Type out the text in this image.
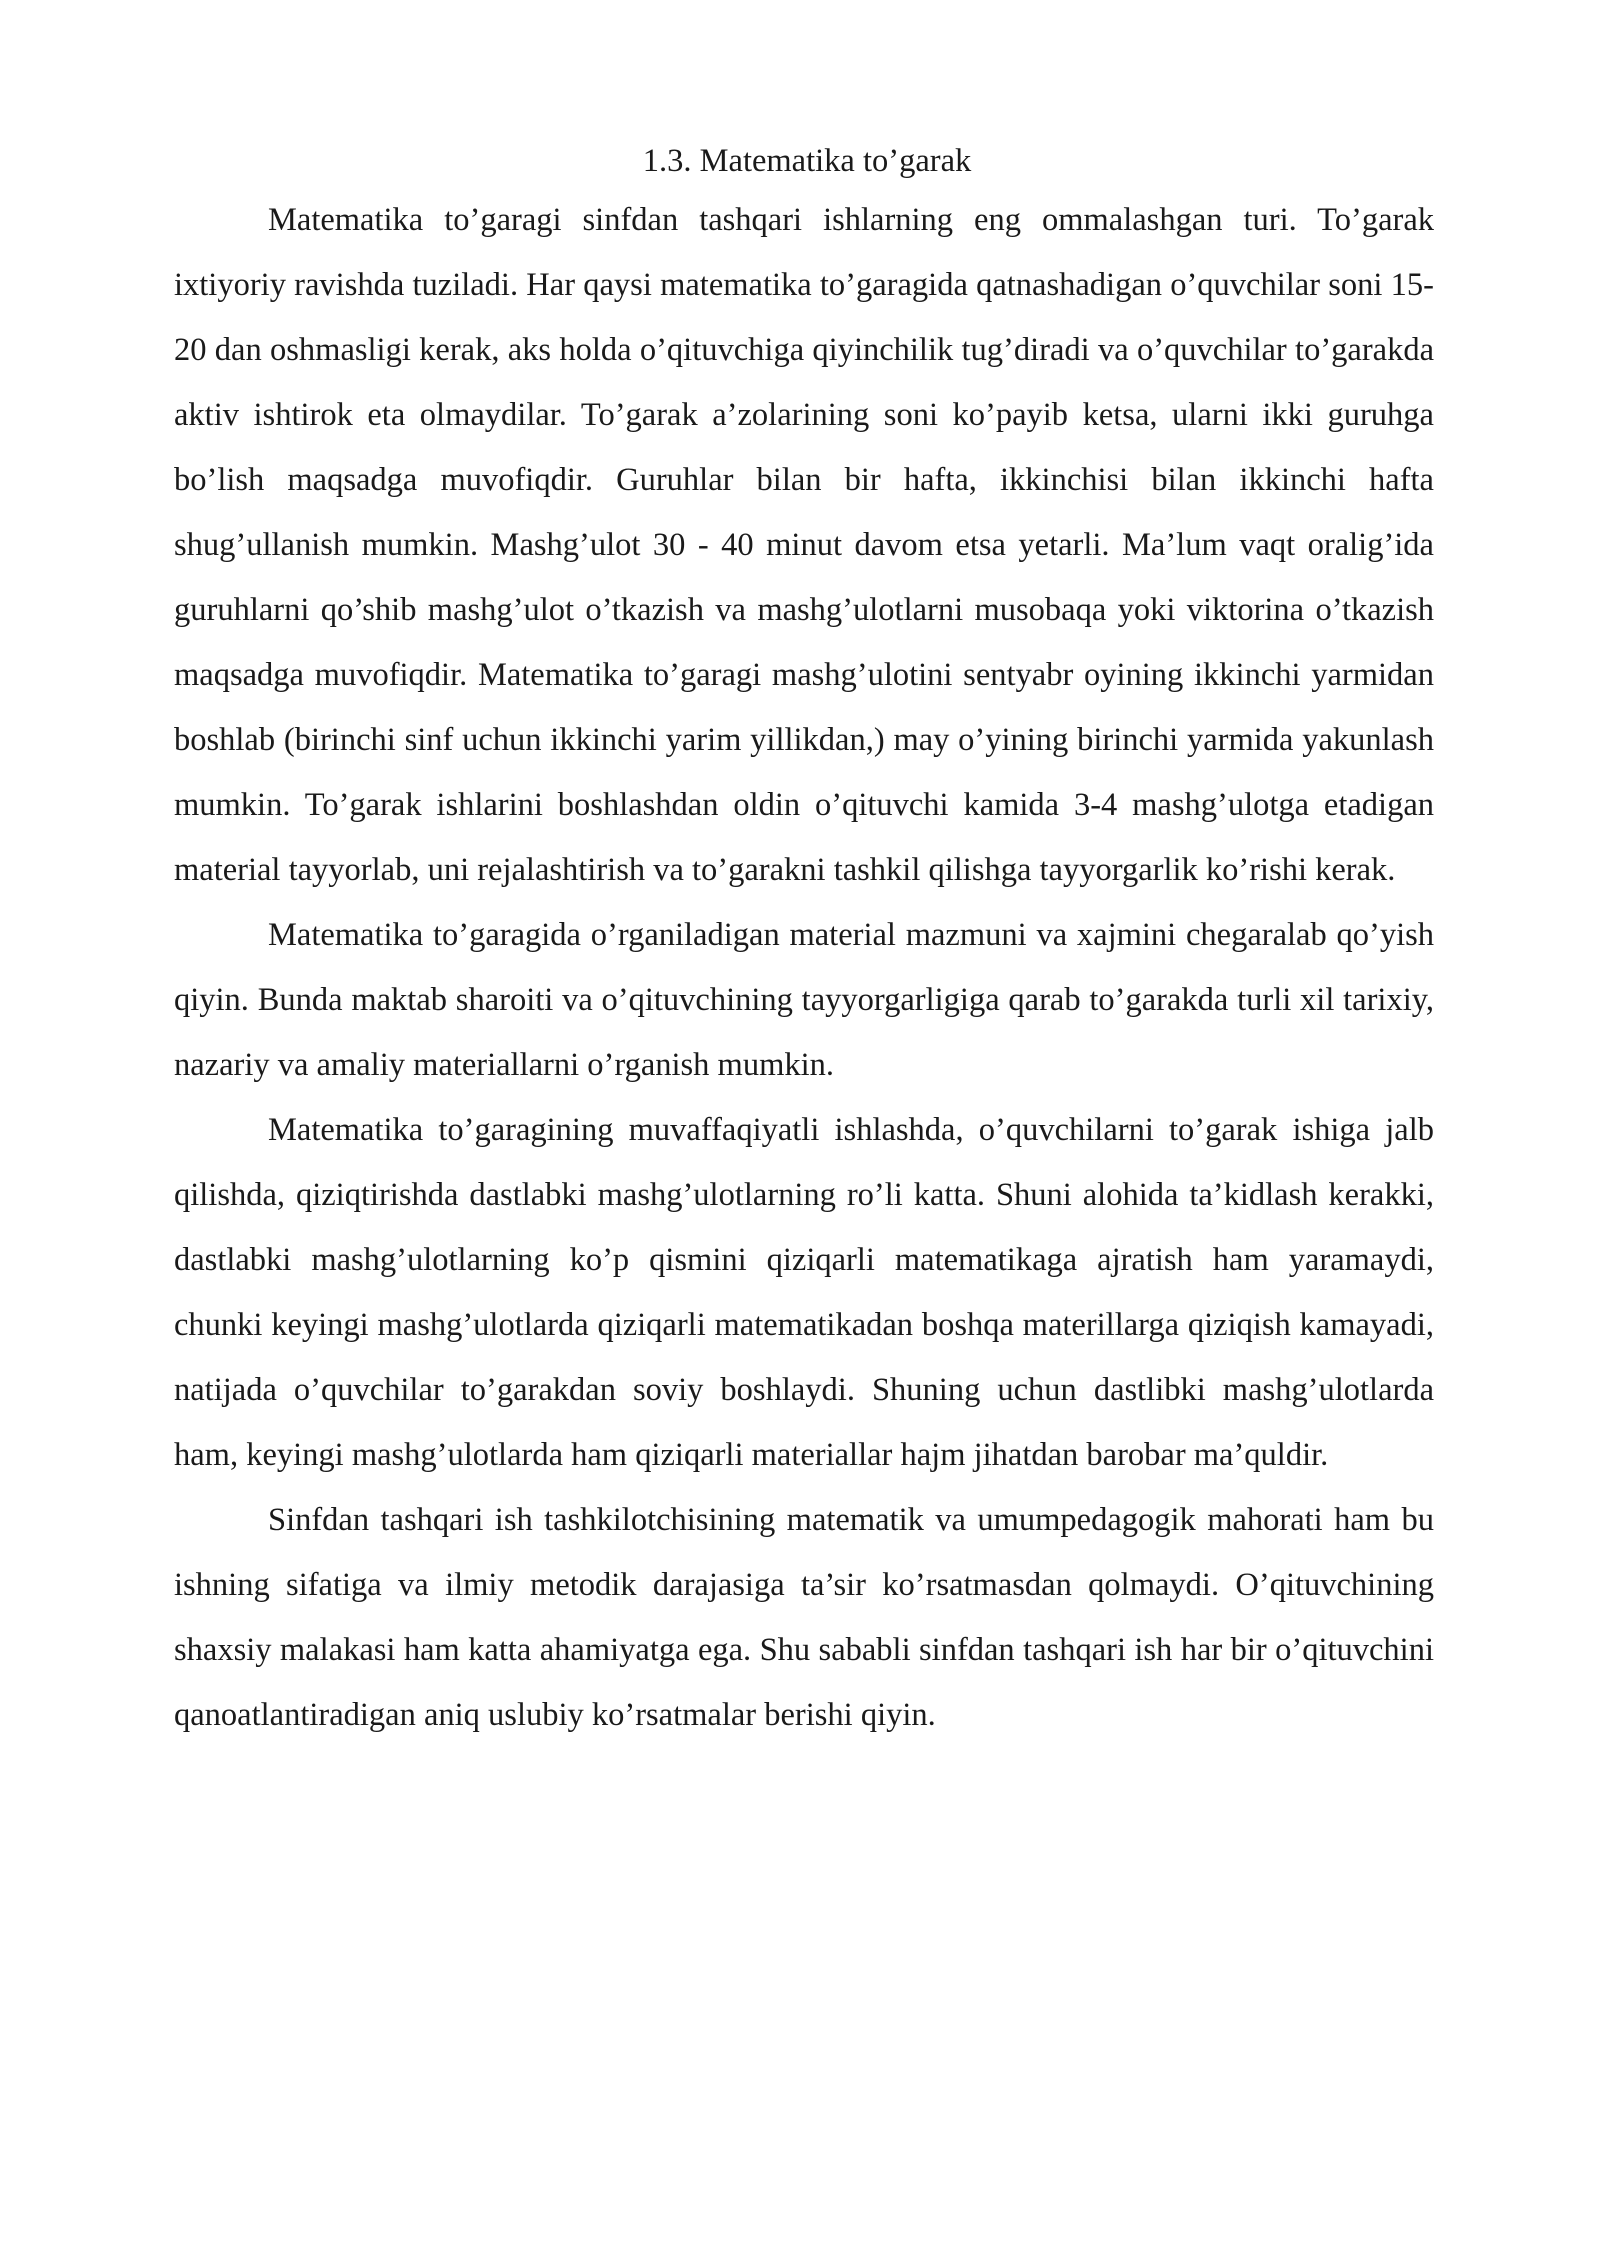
1.3. Matematika to’garak

Matematika to’garagi sinfdan tashqari ishlarning eng ommalashgan turi. To’garak ixtiyoriy ravishda tuziladi. Har qaysi matematika to’garagida qatnashadigan o’quvchilar soni 15-20 dan oshmasligi kerak, aks holda o’qituvchiga qiyinchilik tug’diradi va o’quvchilar to’garakda aktiv ishtirok eta olmaydilar. To’garak a’zolarining soni ko’payib ketsa, ularni ikki guruhga bo’lish maqsadga muvofiqdir. Guruhlar bilan bir hafta, ikkinchisi bilan ikkinchi hafta shug’ullanish mumkin. Mashg’ulot 30 - 40 minut davom etsa yetarli. Ma’lum vaqt oralig’ida guruhlarni qo’shib mashg’ulot o’tkazish va mashg’ulotlarni musobaqa yoki viktorina o’tkazish maqsadga muvofiqdir. Matematika to’garagi mashg’ulotini sentyabr oyining ikkinchi yarmidan boshlab (birinchi sinf uchun ikkinchi yarim yillikdan,) may o’yining birinchi yarmida yakunlash mumkin. To’garak ishlarini boshlashdan oldin o’qituvchi kamida 3-4 mashg’ulotga etadigan material tayyorlab, uni rejalashtirish va to’garakni tashkil qilishga tayyorgarlik ko’rishi kerak.

Matematika to’garagida o’rganiladigan material mazmuni va xajmini chegaralab qo’yish qiyin. Bunda maktab sharoiti va o’qituvchining tayyorgarligiga qarab to’garakda turli xil tarixiy, nazariy va amaliy materiallarni o’rganish mumkin.

Matematika to’garagining muvaffaqiyatli ishlashda, o’quvchilarni to’garak ishiga jalb qilishda, qiziqtirishda dastlabki mashg’ulotlarning ro’li katta. Shuni alohida ta’kidlash kerakki, dastlabki mashg’ulotlarning ko’p qismini qiziqarli matematikaga ajratish ham yaramaydi, chunki keyingi mashg’ulotlarda qiziqarli matematikadan boshqa materillarga qiziqish kamayadi, natijada o’quvchilar to’garakdan soviy boshlaydi. Shuning uchun dastlibki mashg’ulotlarda ham, keyingi mashg’ulotlarda ham qiziqarli materiallar hajm jihatdan barobar ma’quldir.

Sinfdan tashqari ish tashkilotchisining matematik va umumpedagogik mahorati ham bu ishning sifatiga va ilmiy metodik darajasiga ta’sir ko’rsatmasdan qolmaydi. O’qituvchining shaxsiy malakasi ham katta ahamiyatga ega. Shu sababli sinfdan tashqari ish har bir o’qituvchini qanoatlantiradigan aniq uslubiy ko’rsatmalar berishi qiyin.
